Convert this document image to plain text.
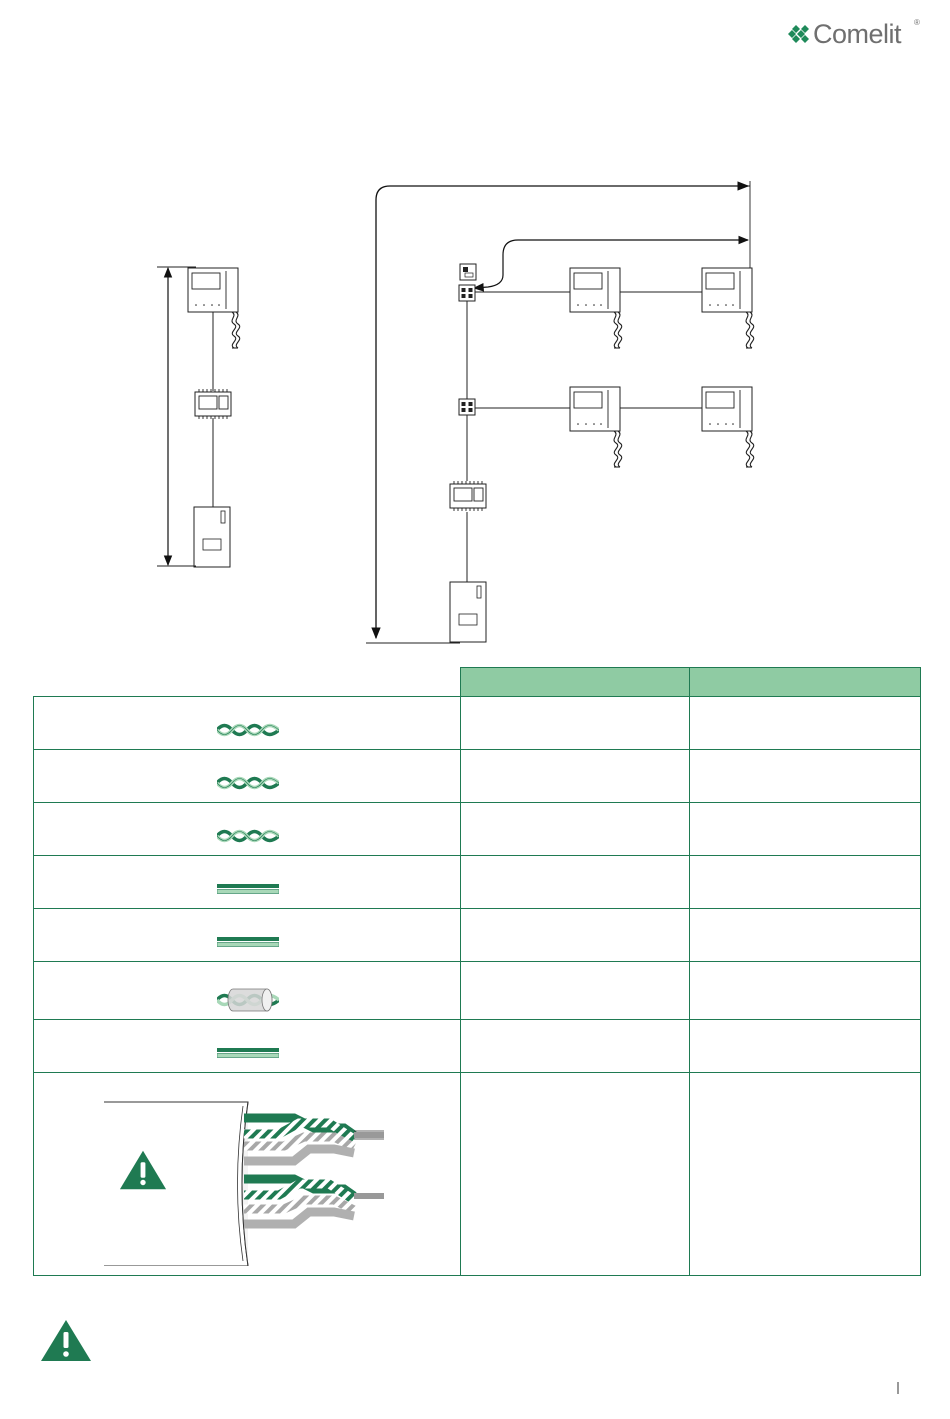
Comelit ®
